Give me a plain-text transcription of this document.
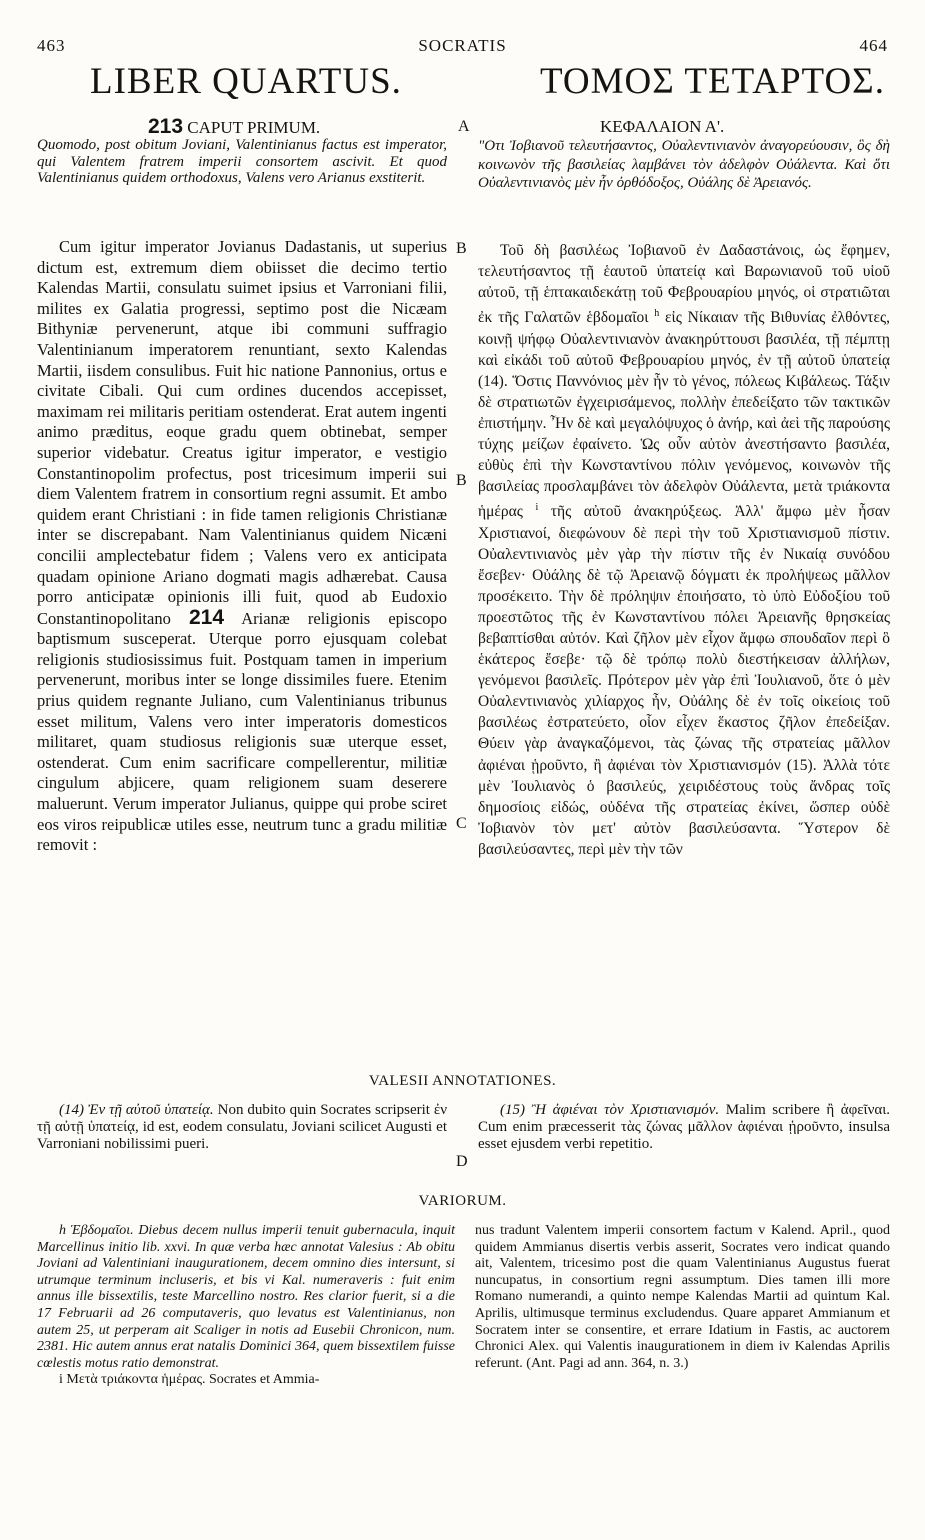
463	SOCRATIS	464
LIBER QUARTUS.	ΤΟΜΟΣ ΤΕΤΑΡΤΟΣ.
213 CAPUT PRIMUM.	A	ΚΕΦΑΛΑΙΟΝ Α'.
Quomodo, post obitum Joviani, Valentinianus factus est imperator, qui Valentem fratrem imperii consortem ascivit. Et quod Valentinianus quidem orthodoxus, Valens vero Arianus exstiterit.
"Οτι Ἰοβιανοῦ τελευτήσαντος, Οὐαλεντινιανὸν ἀναγορεύουσιν, ὃς δὴ κοινωνὸν τῆς βασιλείας λαμβάνει τὸν ἀδελφὸν Οὐάλεντα. Καὶ ὅτι Οὐαλεντινιανὸς μὲν ἦν ὀρθόδοξος, Οὐάλης δὲ Ἀρειανός.

Cum igitur imperator Jovianus Dadastanis, ut superius dictum est, extremum diem obiisset die decimo tertio Kalendas Martii, consulatu suimet ipsius et Varroniani filii, milites ex Galatia progressi, septimo post die Nicæam Bithyniæ pervenerunt, atque ibi communi suffragio Valentinianum imperatorem renuntiant, sexto Kalendas Martii, iisdem consulibus. Fuit hic natione Pannonius, ortus e civitate Cibali. Qui cum ordines ducendos accepisset, maximam rei militaris peritiam ostenderat. Erat autem ingenti animo præditus, eoque gradu quem obtinebat, semper superior videbatur. Creatus igitur imperator, e vestigio Constantinopolim profectus, post tricesimum imperii sui diem Valentem fratrem in consortium regni assumit. Et ambo quidem erant Christiani : in fide tamen religionis Christianæ inter se discrepabant. Nam Valentinianus quidem Nicæni concilii amplectebatur fidem ; Valens vero ex anticipata quadam opinione Ariano dogmati magis adhærebat. Causa porro anticipatæ opinionis illi fuit, quod ab Eudoxio Constantinopolitano 214 Arianæ religionis episcopo baptismum susceperat. Uterque porro ejusquam colebat religionis studiosissimus fuit. Postquam tamen in imperium pervenerunt, moribus inter se longe dissimiles fuere. Etenim prius quidem regnante Juliano, cum Valentinianus tribunus esset militum, Valens vero inter imperatoris domesticos militaret, quam studiosus religionis suæ uterque esset, ostenderat. Cum enim sacrificare compellerentur, militiæ cingulum abjicere, quam religionem suam deserere maluerunt. Verum imperator Julianus, quippe qui probe sciret eos viros reipublicæ utiles esse, neutrum tunc a gradu militiæ removit :

B
B
C

Τοῦ δὴ βασιλέως Ἰοβιανοῦ ἐν Δαδαστάνοις, ὡς ἔφημεν, τελευτήσαντος τῇ ἑαυτοῦ ὑπατείᾳ καὶ Βαρωνιανοῦ τοῦ υἱοῦ αὐτοῦ, τῇ ἑπτακαιδεκάτῃ τοῦ Φεβρουαρίου μηνός, οἱ στρατιῶται ἐκ τῆς Γαλατῶν ἑβδομαῖοι $^h$ εἰς Νίκαιαν τῆς Βιθυνίας ἐλθόντες, κοινῇ ψήφῳ Οὐαλεντινιανὸν ἀνακηρύττουσι βασιλέα, τῇ πέμπτῃ καὶ εἰκάδι τοῦ αὐτοῦ Φεβρουαρίου μηνός, ἐν τῇ αὐτοῦ ὑπατείᾳ (14). Ὅστις Παννόνιος μὲν ἦν τὸ γένος, πόλεως Κιβάλεως. Τάξιν δὲ στρατιωτῶν ἐγχειρισάμενος, πολλὴν ἐπεδείξατο τῶν τακτικῶν ἐπιστήμην. Ἦν δὲ καὶ μεγαλόψυχος ὁ ἀνήρ, καὶ ἀεὶ τῆς παρούσης τύχης μείζων ἐφαίνετο. Ὡς οὖν αὐτὸν ἀνεστήσαντο βασιλέα, εὐθὺς ἐπὶ τὴν Κωνσταντίνου πόλιν γενόμενος, κοινωνὸν τῆς βασιλείας προσλαμβάνει τὸν ἀδελφὸν Οὐάλεντα, μετὰ τριάκοντα ἡμέρας $^i$ τῆς αὐτοῦ ἀνακηρύξεως. Ἀλλ' ἄμφω μὲν ἦσαν Χριστιανοί, διεφώνουν δὲ περὶ τὴν τοῦ Χριστιανισμοῦ πίστιν. Οὐαλεντινιανὸς μὲν γὰρ τὴν πίστιν τῆς ἐν Νικαίᾳ συνόδου ἔσεβεν· Οὐάλης δὲ τῷ Ἀρειανῷ δόγματι ἐκ προλήψεως μᾶλλον προσέκειτο. Τὴν δὲ πρόληψιν ἐποιήσατο, τὸ ὑπὸ Εὐδοξίου τοῦ προεστῶτος τῆς ἐν Κωνσταντίνου πόλει Ἀρειανῆς θρησκείας βεβαπτίσθαι αὐτόν. Καὶ ζῆλον μὲν εἶχον ἄμφω σπουδαῖον περὶ ὃ ἑκάτερος ἔσεβε· τῷ δὲ τρόπῳ πολὺ διεστήκεισαν ἀλλήλων, γενόμενοι βασιλεῖς. Πρότερον μὲν γὰρ ἐπὶ Ἰουλιανοῦ, ὅτε ὁ μὲν Οὐαλεντινιανὸς χιλίαρχος ἦν, Οὐάλης δὲ ἐν τοῖς οἰκείοις τοῦ βασιλέως ἐστρατεύετο, οἷον εἶχεν ἕκαστος ζῆλον ἐπεδείξαν. Θύειν γὰρ ἀναγκαζόμενοι, τὰς ζώνας τῆς στρατείας μᾶλλον ἀφιέναι ᾑροῦντο, ἢ ἀφιέναι τὸν Χριστιανισμόν (15). Ἀλλὰ τότε μὲν Ἰουλιανὸς ὁ βασιλεύς, χειριδέστους τοὺς ἄνδρας τοῖς δημοσίοις εἰδώς, οὐδένα τῆς στρατείας ἐκίνει, ὥσπερ οὐδὲ Ἰοβιανὸν τὸν μετ' αὐτὸν βασιλεύσαντα. Ὕστερον δὲ βασιλεύσαντες, περὶ μὲν τὴν τῶν

VALESII ANNOTATIONES.

(14) Ἐν τῇ αὐτοῦ ὑπατείᾳ. Non dubito quin Socrates scripserit ἐν τῇ αὐτῇ ὑπατείᾳ, id est, eodem consulatu, Joviani scilicet Augusti et Varroniani nobilissimi pueri.

D

(15) Ἢ ἀφιέναι τὸν Χριστιανισμόν. Malim scribere ἢ ἀφεῖναι. Cum enim præcesserit τὰς ζώνας μᾶλλον ἀφιέναι ᾑροῦντο, insulsa esset ejusdem verbi repetitio.

VARIORUM.

h Ἑβδομαῖοι. Diebus decem nullus imperii tenuit gubernacula, inquit Marcellinus initio lib. xxvi. In quæ verba hæc annotat Valesius : Ab obitu Joviani ad Valentiniani inaugurationem, decem omnino dies intersunt, si utrumque terminum incluseris, et bis vi Kal. numeraveris : fuit enim annus ille bissextilis, teste Marcellino nostro. Res clarior fuerit, si a die 17 Februarii ad 26 computaveris, quo levatus est Valentinianus, non autem 25, ut perperam ait Scaliger in notis ad Eusebii Chronicon, num. 2381. Hic autem annus erat natalis Dominici 364, quem bissextilem fuisse cœlestis motus ratio demonstrat.

i Μετὰ τριάκοντα ἡμέρας. Socrates et Ammia-

nus tradunt Valentem imperii consortem factum v Kalend. April., quod quidem Ammianus disertis verbis asserit, Socrates vero indicat quando ait, Valentem, tricesimo post die quam Valentinianus Augustus fuerat nuncupatus, in consortium regni assumptum. Dies tamen illi more Romano numerandi, a quinto nempe Kalendas Martii ad quintum Kal. Aprilis, ultimusque terminus excludendus. Quare apparet Ammianum et Socratem inter se consentire, et errare Idatium in Fastis, ac auctorem Chronici Alex. qui Valentis inaugurationem in diem iv Kalendas Aprilis referunt. (Ant. Pagi ad ann. 364, n. 3.)
